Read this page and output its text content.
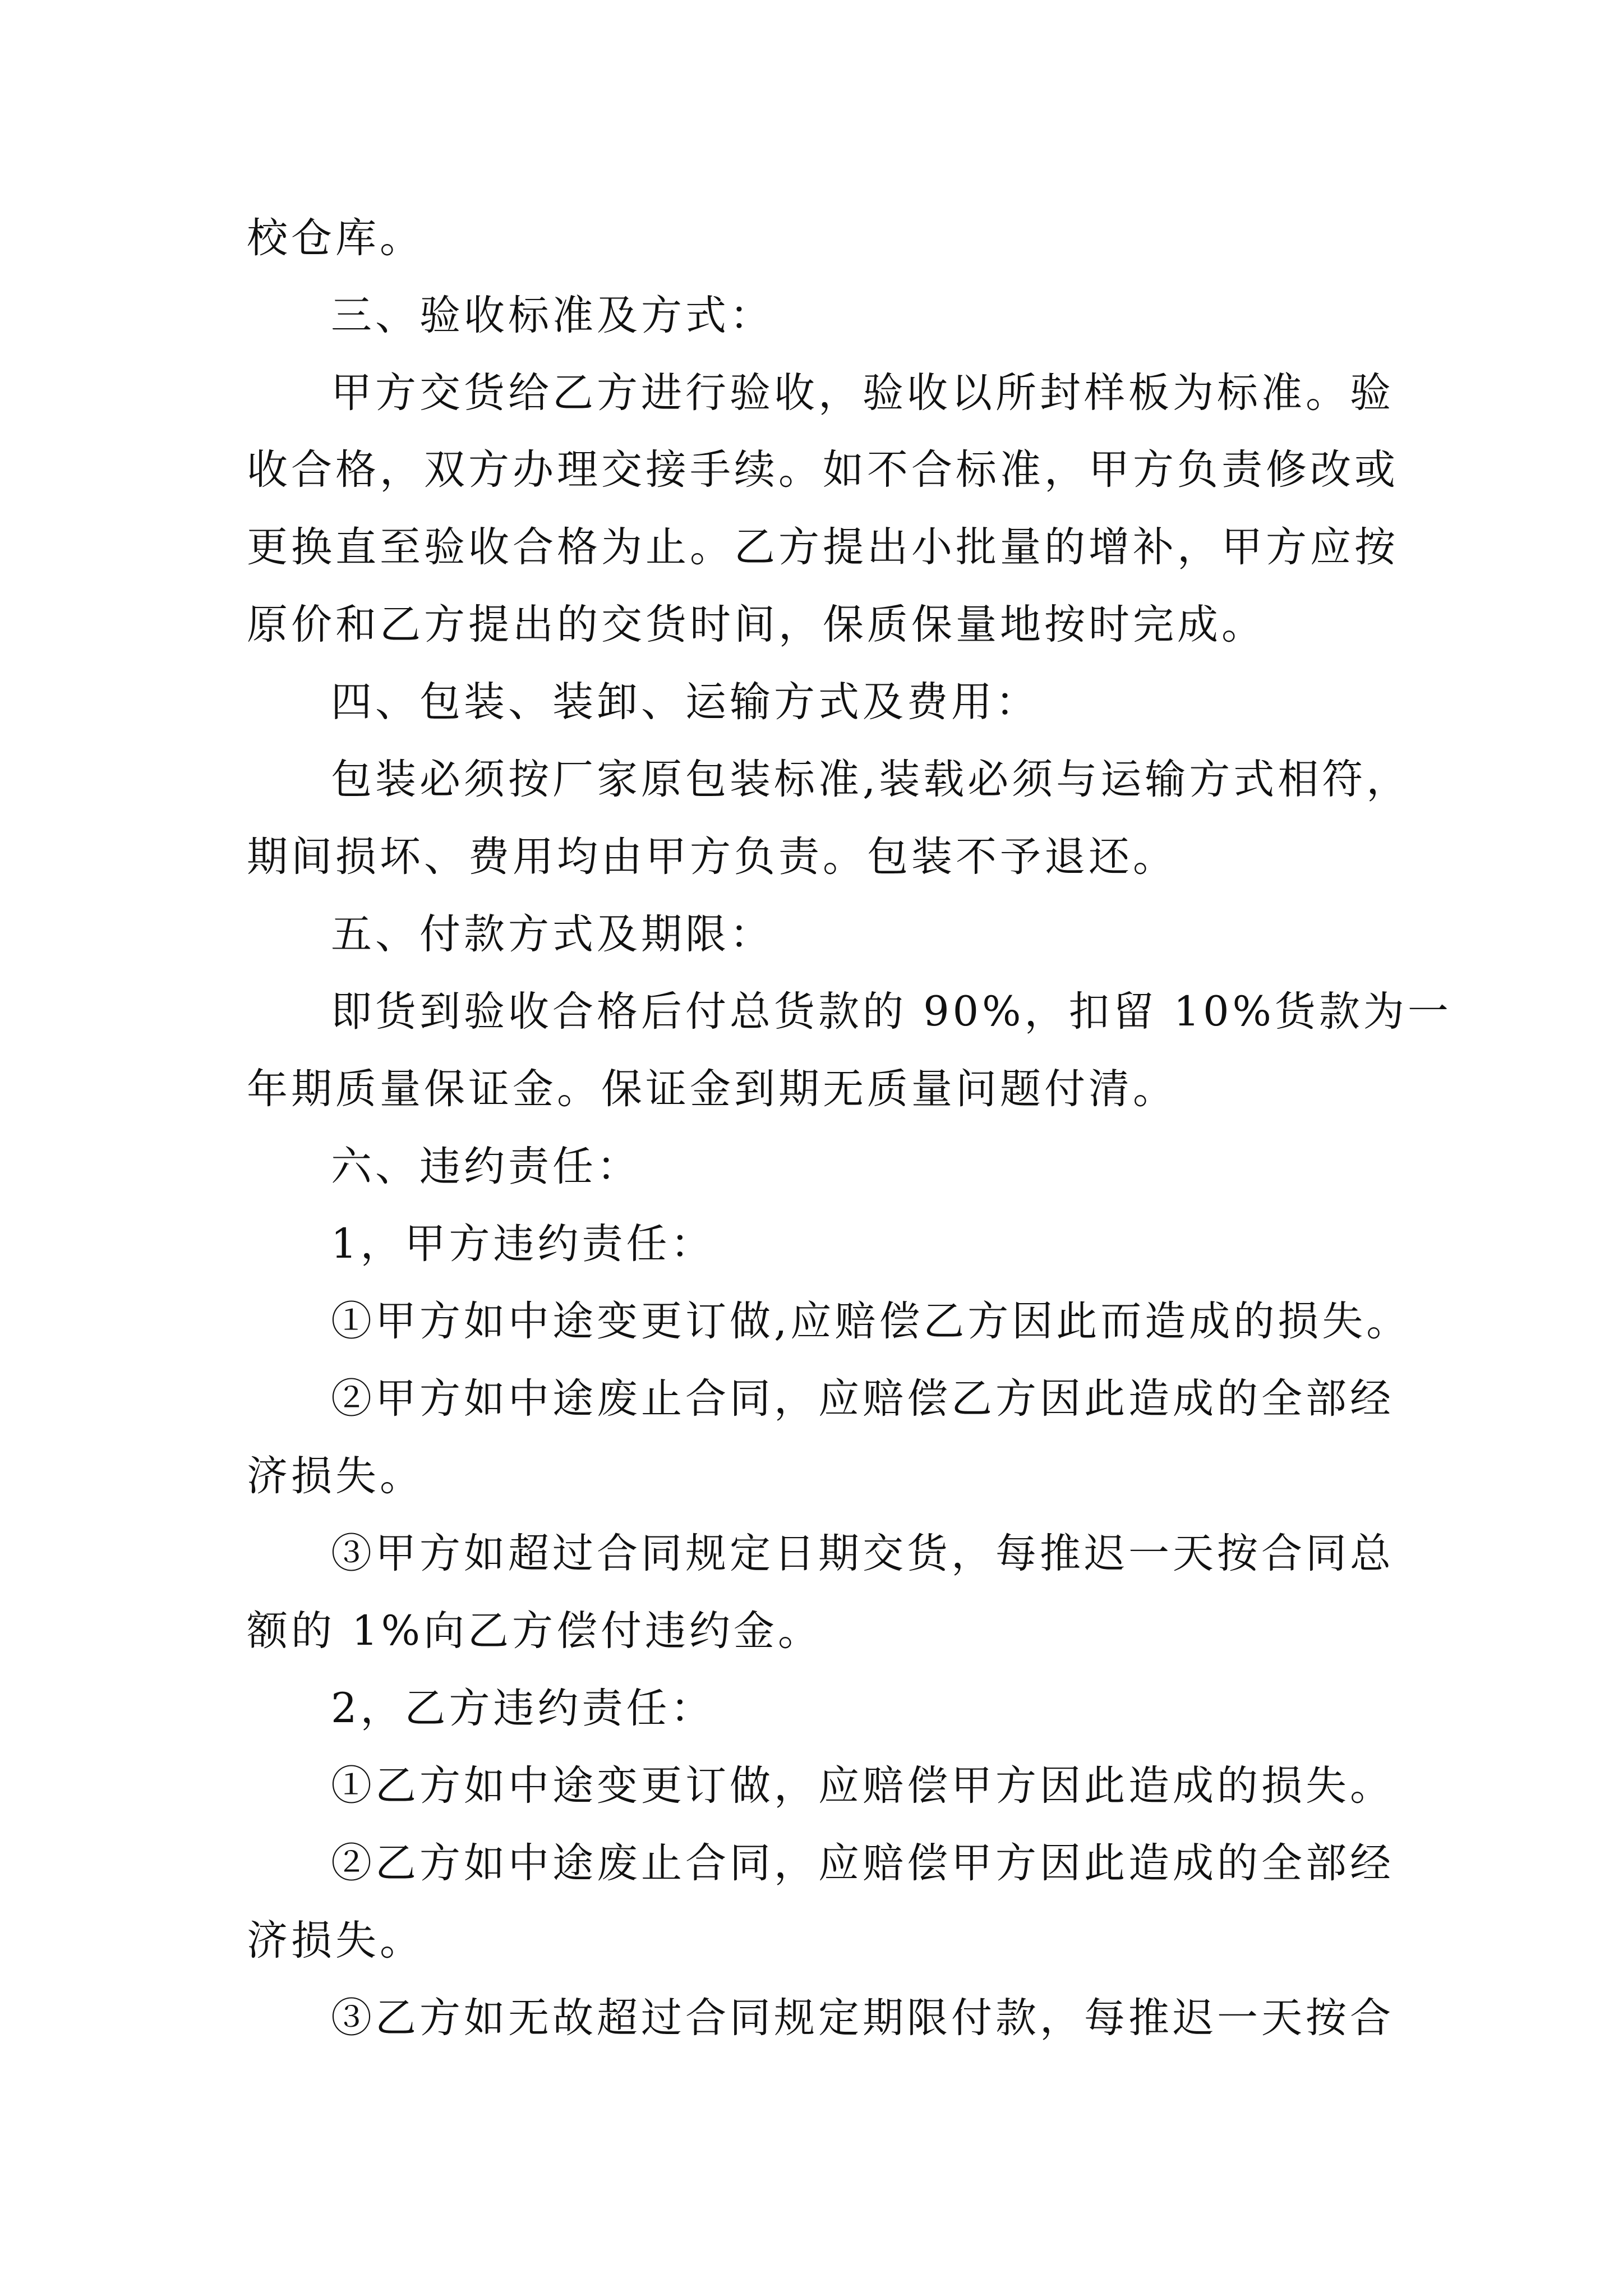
校仓库。
三、验收标准及方式：
甲方交货给乙方进行验收，验收以所封样板为标准。验
收合格，双方办理交接手续。如不合标准，甲方负责修改或
更换直至验收合格为止。乙方提出小批量的增补，甲方应按
原价和乙方提出的交货时间，保质保量地按时完成。
四、包装、装卸、运输方式及费用：
包装必须按厂家原包装标准,装载必须与运输方式相符，
期间损坏、费用均由甲方负责。包装不予退还。
五、付款方式及期限：
即货到验收合格后付总货款的 90%，扣留 10%货款为一
年期质量保证金。保证金到期无质量问题付清。
六、违约责任：
1，甲方违约责任：
①甲方如中途变更订做,应赔偿乙方因此而造成的损失。
②甲方如中途废止合同，应赔偿乙方因此造成的全部经
济损失。
③甲方如超过合同规定日期交货，每推迟一天按合同总
额的 1%向乙方偿付违约金。
2，乙方违约责任：
①乙方如中途变更订做，应赔偿甲方因此造成的损失。
②乙方如中途废止合同，应赔偿甲方因此造成的全部经
济损失。
③乙方如无故超过合同规定期限付款，每推迟一天按合
